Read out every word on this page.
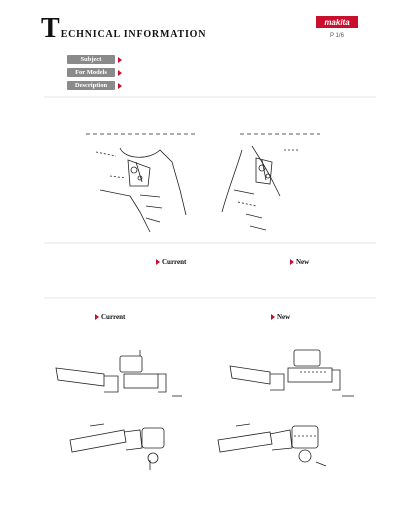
T ECHNICAL INFORMATION
makita
P 1/6
Subject
For Models
Description
Current	New
Current	New
